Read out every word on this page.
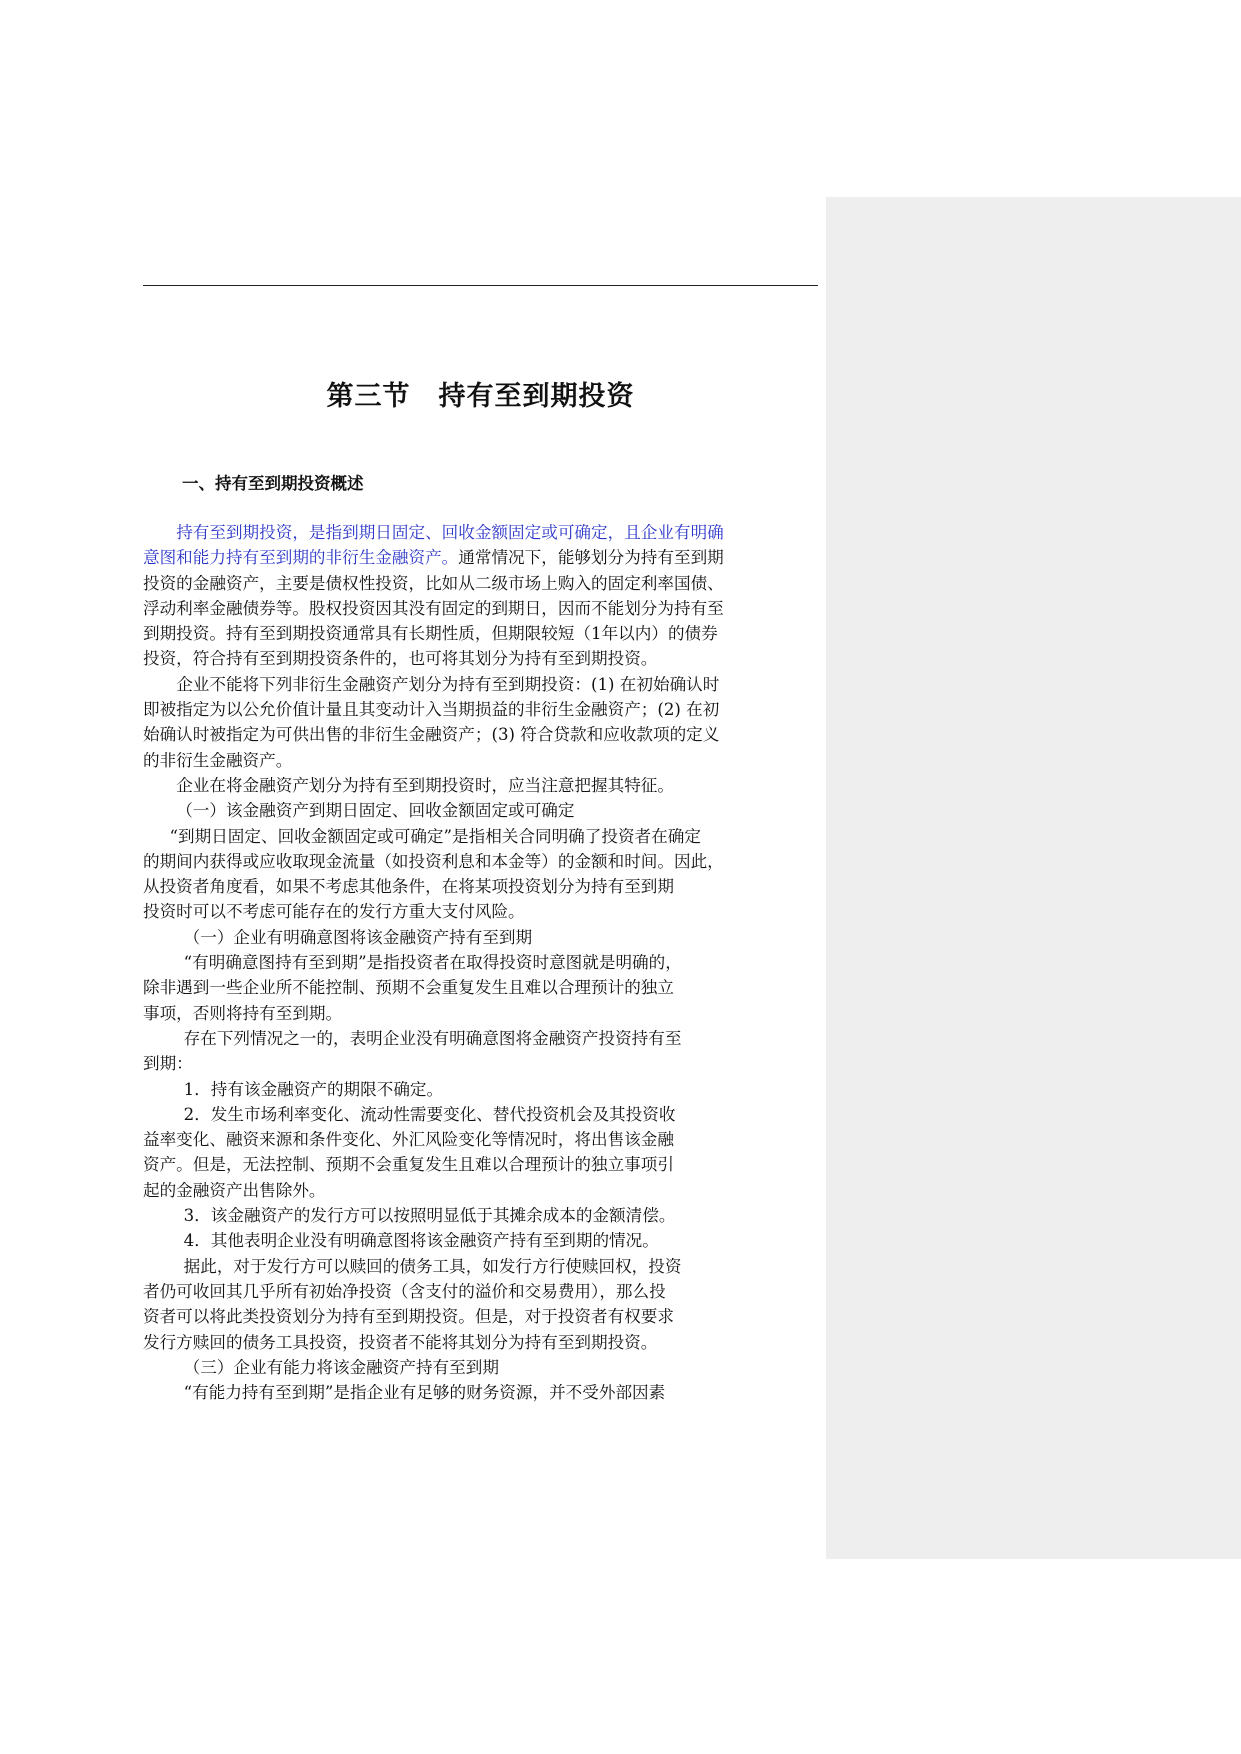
第三节　持有至到期投资
一、持有至到期投资概述

持有至到期投资，是指到期日固定、回收金额固定或可确定，且企业有明确

意图和能力持有至到期的非衍生金融资产。通常情况下，能够划分为持有至到期

投资的金融资产，主要是债权性投资，比如从二级市场上购入的固定利率国债、

浮动利率金融债券等。股权投资因其没有固定的到期日，因而不能划分为持有至

到期投资。持有至到期投资通常具有长期性质，但期限较短（1年以内）的债券

投资，符合持有至到期投资条件的，也可将其划分为持有至到期投资。

企业不能将下列非衍生金融资产划分为持有至到期投资：(1) 在初始确认时

即被指定为以公允价值计量且其变动计入当期损益的非衍生金融资产；(2) 在初

始确认时被指定为可供出售的非衍生金融资产；(3) 符合贷款和应收款项的定义

的非衍生金融资产。

企业在将金融资产划分为持有至到期投资时，应当注意把握其特征。

（一）该金融资产到期日固定、回收金额固定或可确定

“到期日固定、回收金额固定或可确定”是指相关合同明确了投资者在确定

的期间内获得或应收取现金流量（如投资利息和本金等）的金额和时间。因此，

从投资者角度看，如果不考虑其他条件，在将某项投资划分为持有至到期

投资时可以不考虑可能存在的发行方重大支付风险。

（一）企业有明确意图将该金融资产持有至到期

“有明确意图持有至到期”是指投资者在取得投资时意图就是明确的，

除非遇到一些企业所不能控制、预期不会重复发生且难以合理预计的独立

事项，否则将持有至到期。

存在下列情况之一的，表明企业没有明确意图将金融资产投资持有至

到期：

1．持有该金融资产的期限不确定。

2．发生市场利率变化、流动性需要变化、替代投资机会及其投资收

益率变化、融资来源和条件变化、外汇风险变化等情况时，将出售该金融

资产。但是，无法控制、预期不会重复发生且难以合理预计的独立事项引

起的金融资产出售除外。

3．该金融资产的发行方可以按照明显低于其摊余成本的金额清偿。

4．其他表明企业没有明确意图将该金融资产持有至到期的情况。

据此，对于发行方可以赎回的债务工具，如发行方行使赎回权，投资

者仍可收回其几乎所有初始净投资（含支付的溢价和交易费用），那么投

资者可以将此类投资划分为持有至到期投资。但是，对于投资者有权要求

发行方赎回的债务工具投资，投资者不能将其划分为持有至到期投资。

（三）企业有能力将该金融资产持有至到期

“有能力持有至到期”是指企业有足够的财务资源，并不受外部因素
